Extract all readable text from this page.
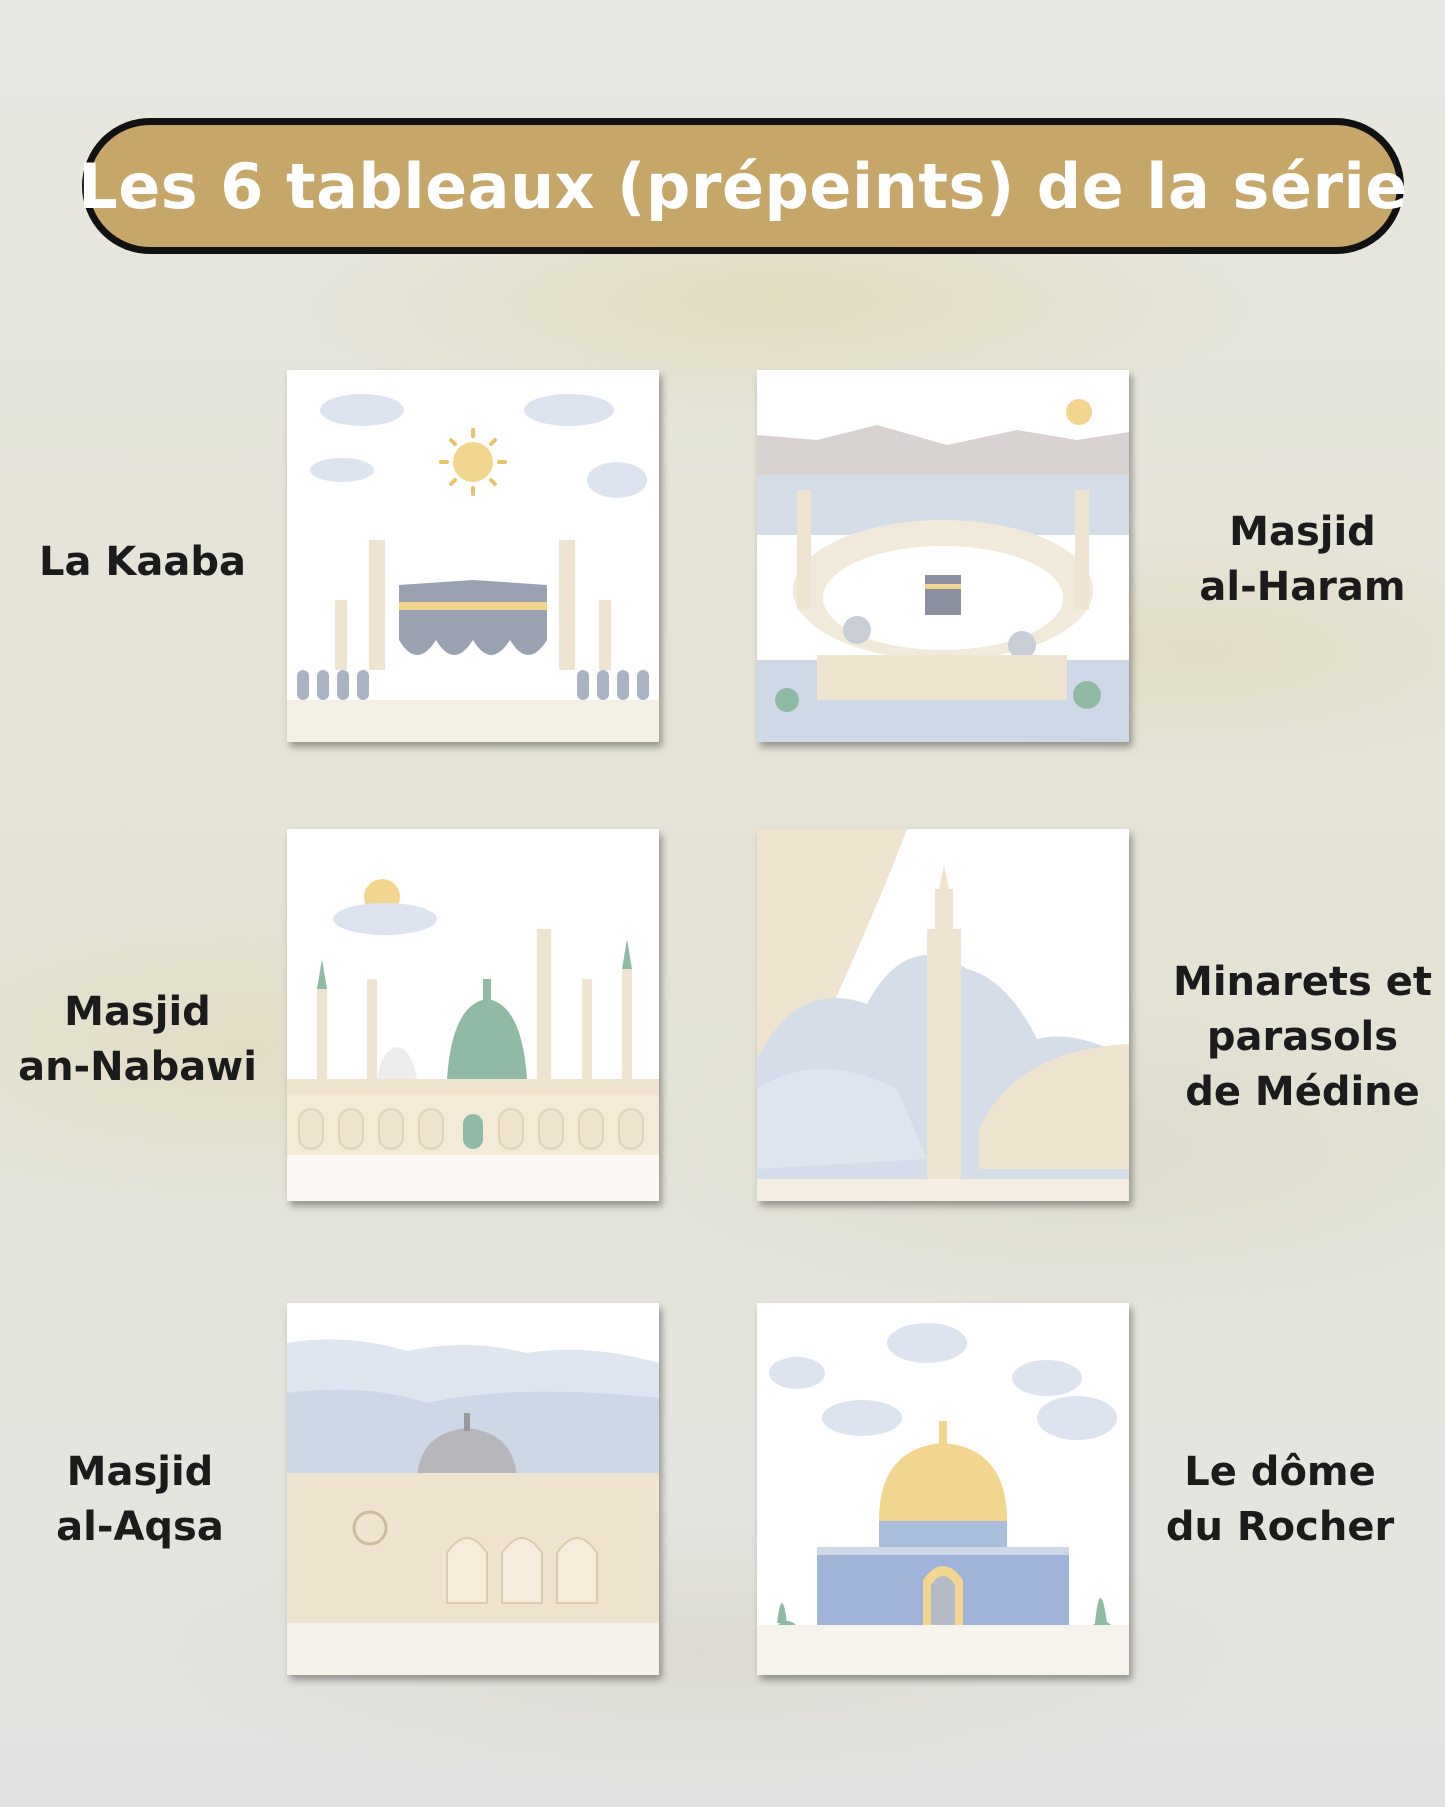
Les 6 tableaux (prépeints) de la série
La Kaaba
Masjid
al-Haram
Masjid
an-Nabawi
Minarets et
parasols
de Médine
Masjid
al-Aqsa
Le dôme
du Rocher
